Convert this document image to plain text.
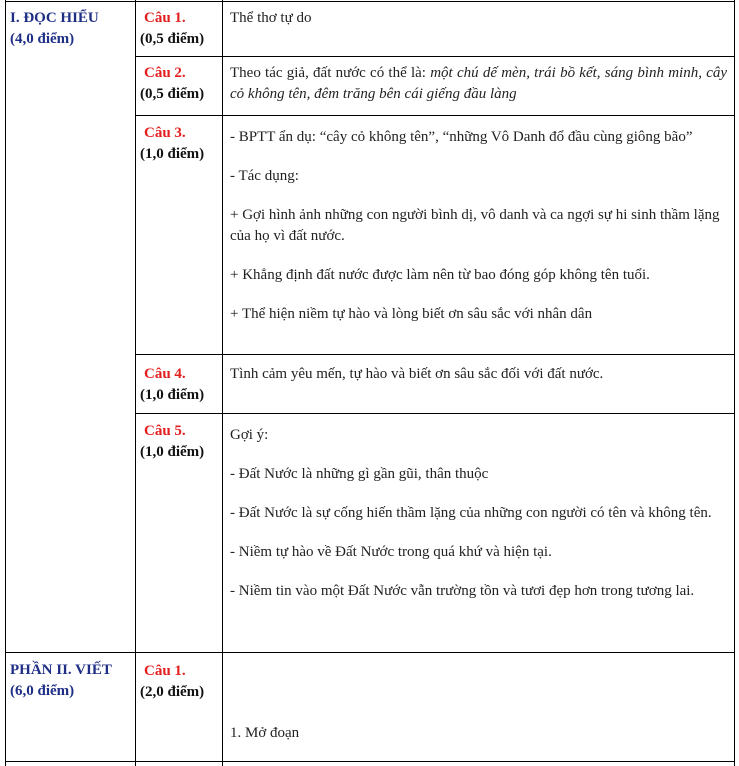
I. ĐỌC HIỂU
(4,0 điểm)
Câu 1.
(0,5 điểm)

Thể thơ tự do

Câu 2.
(0,5 điểm)
Theo tác giả, đất nước có thể là: một chú dế mèn, trái bồ kết, sáng bình minh, cây cỏ không tên, đêm trăng bên cái giếng đầu làng
Câu 3.
(1,0 điểm)

- BPTT ẩn dụ: “cây cỏ không tên”, “những Vô Danh đổ đầu cùng giông bão”

- Tác dụng:

+ Gợi hình ảnh những con người bình dị, vô danh và ca ngợi sự hi sinh thầm lặng của họ vì đất nước.

+ Khẳng định đất nước được làm nên từ bao đóng góp không tên tuổi.

+ Thể hiện niềm tự hào và lòng biết ơn sâu sắc với nhân dân

Câu 4.
(1,0 điểm)

Tình cảm yêu mến, tự hào và biết ơn sâu sắc đối với đất nước.

Câu 5.
(1,0 điểm)

Gợi ý:

- Đất Nước là những gì gần gũi, thân thuộc

- Đất Nước là sự cống hiến thầm lặng của những con người có tên và không tên.

- Niềm tự hào về Đất Nước trong quá khứ và hiện tại.

- Niềm tin vào một Đất Nước vẫn trường tồn và tươi đẹp hơn trong tương lai.

PHẦN II. VIẾT
(6,0 điểm)
Câu 1.
(2,0 điểm)

1. Mở đoạn
